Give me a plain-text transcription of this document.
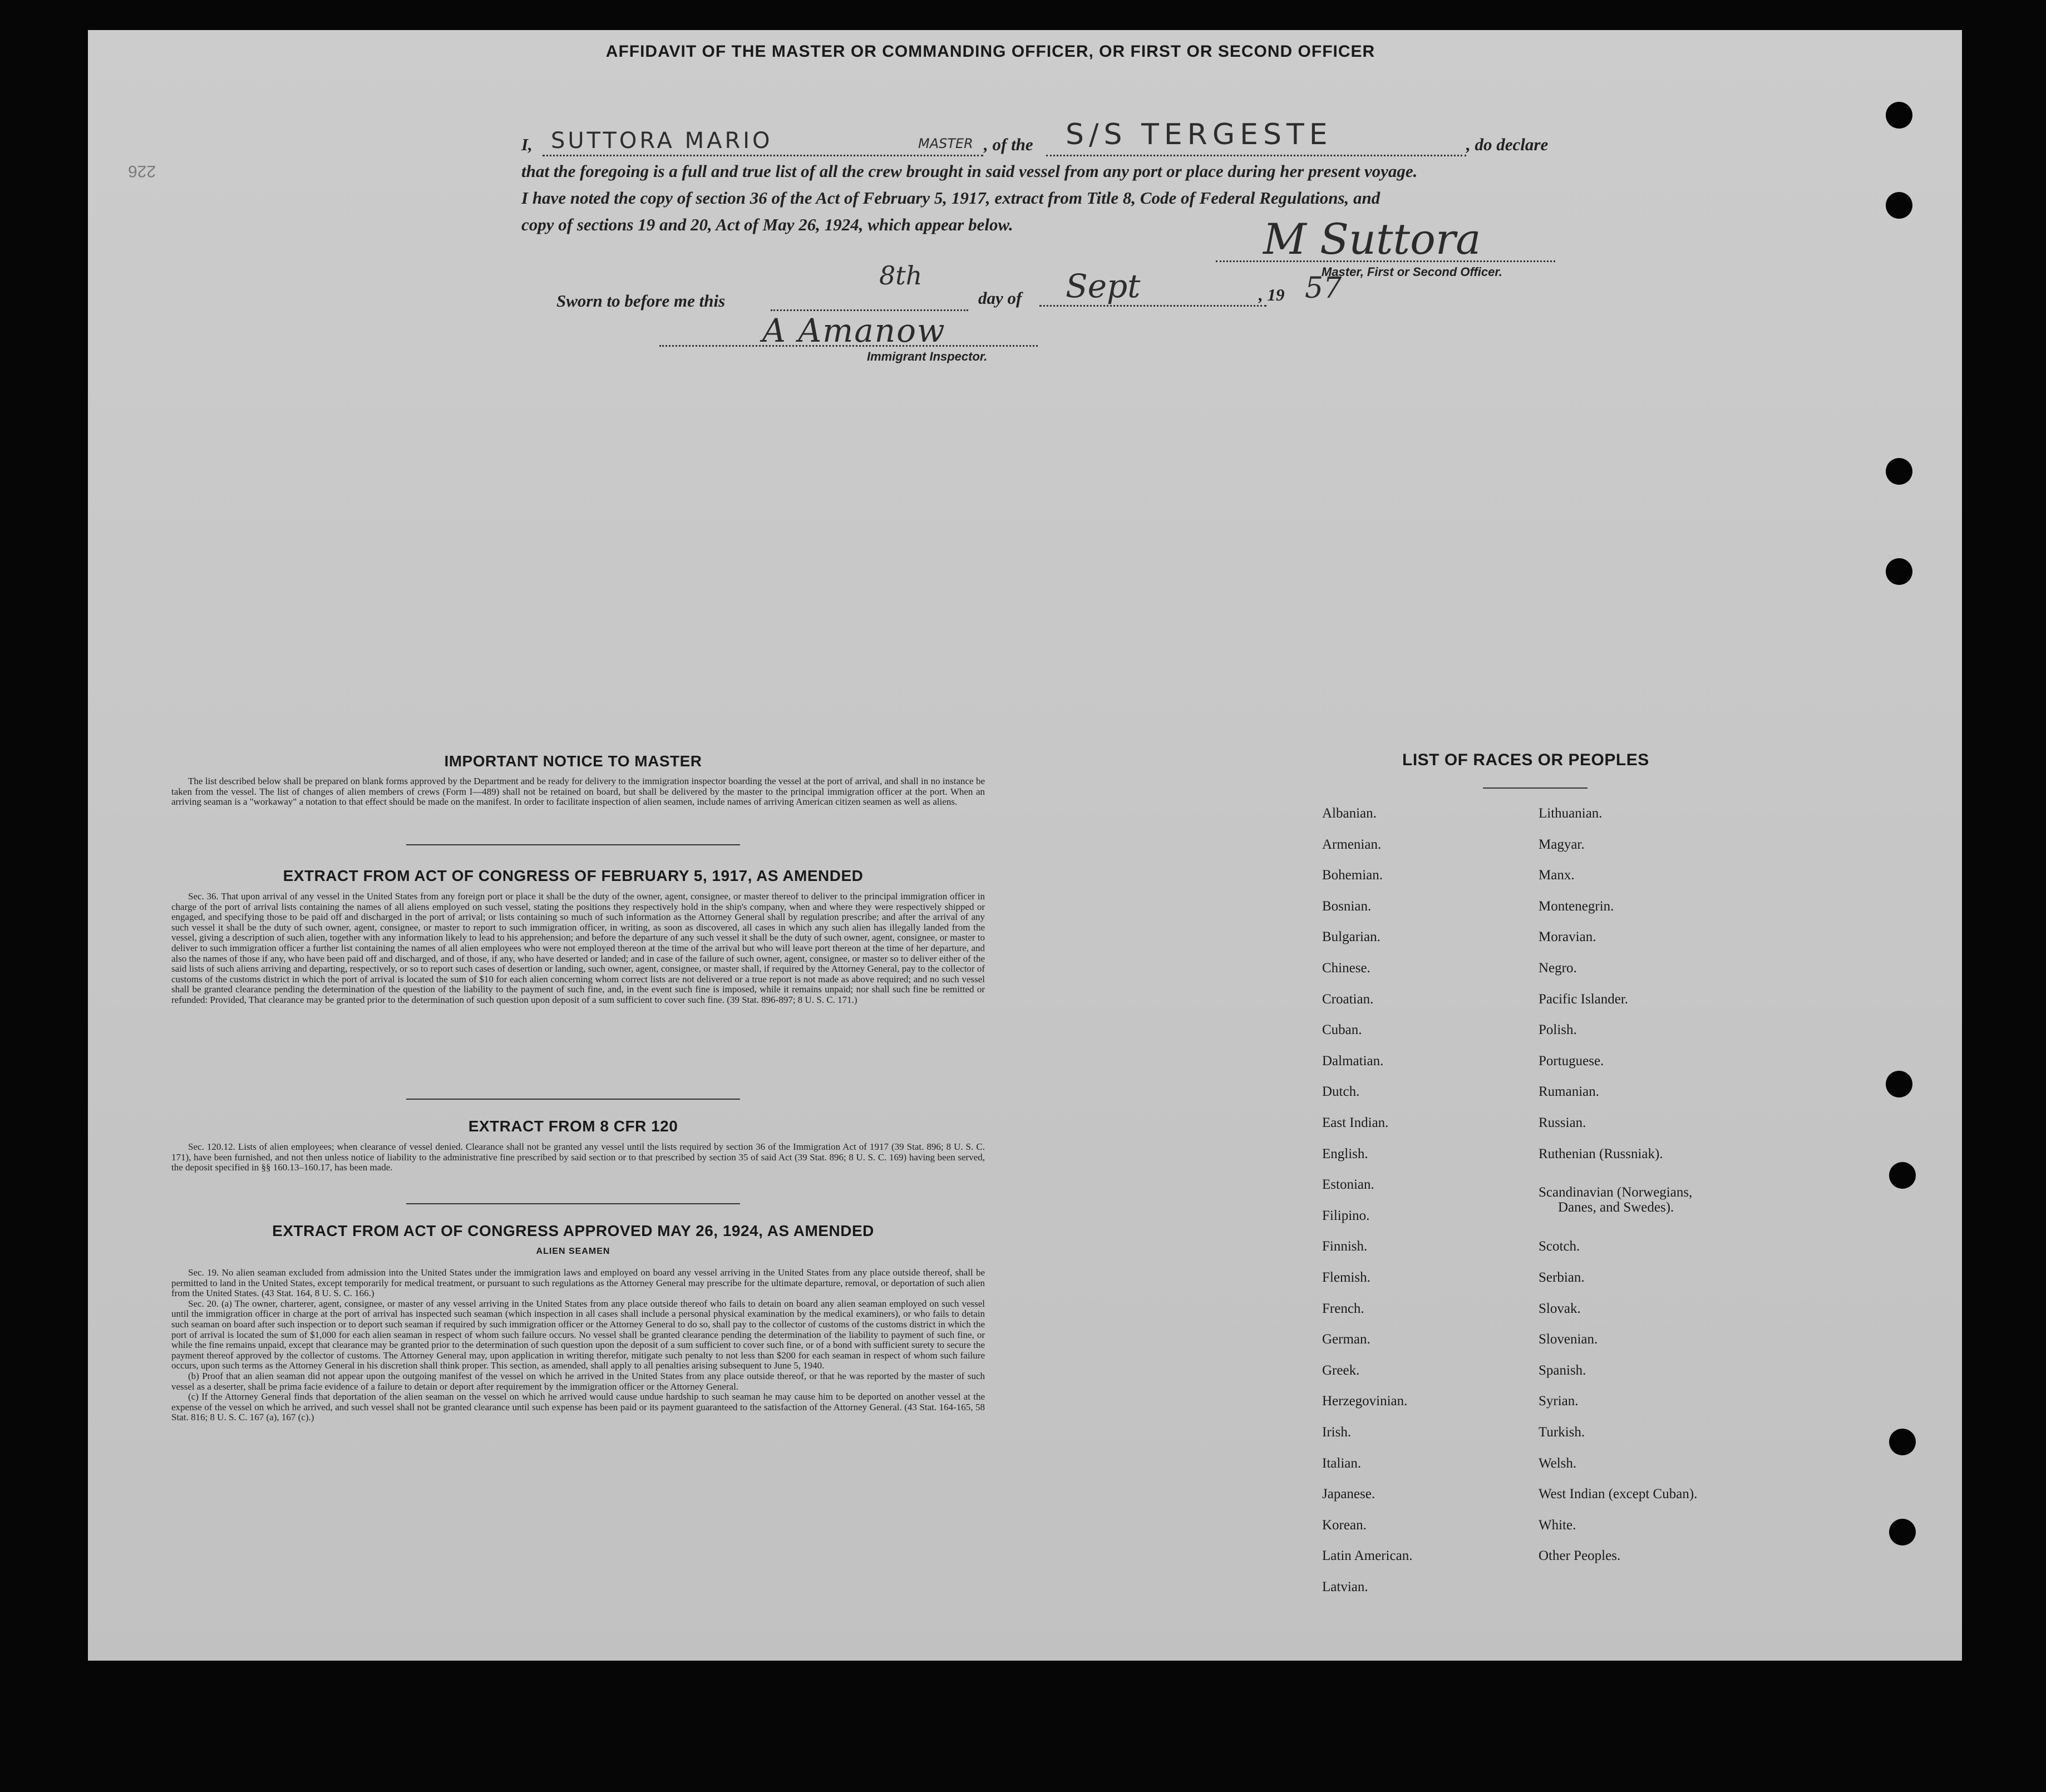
226
AFFIDAVIT OF THE MASTER OR COMMANDING OFFICER, OR FIRST OR SECOND OFFICER
I, SUTTORA MARIO	MASTER , of the S/S TERGESTE	, do declare
that the foregoing is a full and true list of all the crew brought in said vessel from any port or place during her present voyage.
I have noted the copy of section 36 of the Act of February 5, 1917, extract from Title 8, Code of Federal Regulations, and
copy of sections 19 and 20, Act of May 26, 1924, which appear below.	M Suttora
Master, First or Second Officer.
Sworn to before me this
8th
day of Sept	, 19 57
A Amanow
Immigrant Inspector.
IMPORTANT NOTICE TO MASTER

The list described below shall be prepared on blank forms approved by the Department and be ready for delivery to the immigration inspector boarding the vessel at the port of arrival, and shall in no instance be taken from the vessel. The list of changes of alien members of crews (Form I—489) shall not be retained on board, but shall be delivered by the master to the principal immigration officer at the port. When an arriving seaman is a "workaway" a notation to that effect should be made on the manifest. In order to facilitate inspection of alien seamen, include names of arriving American citizen seamen as well as aliens.

EXTRACT FROM ACT OF CONGRESS OF FEBRUARY 5, 1917, AS AMENDED

Sec. 36. That upon arrival of any vessel in the United States from any foreign port or place it shall be the duty of the owner, agent, consignee, or master thereof to deliver to the principal immigration officer in charge of the port of arrival lists containing the names of all aliens employed on such vessel, stating the positions they respectively hold in the ship's company, when and where they were respectively shipped or engaged, and specifying those to be paid off and discharged in the port of arrival; or lists containing so much of such information as the Attorney General shall by regulation prescribe; and after the arrival of any such vessel it shall be the duty of such owner, agent, consignee, or master to report to such immigration officer, in writing, as soon as discovered, all cases in which any such alien has illegally landed from the vessel, giving a description of such alien, together with any information likely to lead to his apprehension; and before the departure of any such vessel it shall be the duty of such owner, agent, consignee, or master to deliver to such immigration officer a further list containing the names of all alien employees who were not employed thereon at the time of the arrival but who will leave port thereon at the time of her departure, and also the names of those if any, who have been paid off and discharged, and of those, if any, who have deserted or landed; and in case of the failure of such owner, agent, consignee, or master so to deliver either of the said lists of such aliens arriving and departing, respectively, or so to report such cases of desertion or landing, such owner, agent, consignee, or master shall, if required by the Attorney General, pay to the collector of customs of the customs district in which the port of arrival is located the sum of $10 for each alien concerning whom correct lists are not delivered or a true report is not made as above required; and no such vessel shall be granted clearance pending the determination of the question of the liability to the payment of such fine, and, in the event such fine is imposed, while it remains unpaid; nor shall such fine be remitted or refunded: Provided, That clearance may be granted prior to the determination of such question upon deposit of a sum sufficient to cover such fine. (39 Stat. 896-897; 8 U. S. C. 171.)

EXTRACT FROM 8 CFR 120

Sec. 120.12. Lists of alien employees; when clearance of vessel denied. Clearance shall not be granted any vessel until the lists required by section 36 of the Immigration Act of 1917 (39 Stat. 896; 8 U. S. C. 171), have been furnished, and not then unless notice of liability to the administrative fine prescribed by said section or to that prescribed by section 35 of said Act (39 Stat. 896; 8 U. S. C. 169) having been served, the deposit specified in §§ 160.13–160.17, has been made.

EXTRACT FROM ACT OF CONGRESS APPROVED MAY 26, 1924, AS AMENDED
ALIEN SEAMEN

Sec. 19. No alien seaman excluded from admission into the United States under the immigration laws and employed on board any vessel arriving in the United States from any place outside thereof, shall be permitted to land in the United States, except temporarily for medical treatment, or pursuant to such regulations as the Attorney General may prescribe for the ultimate departure, removal, or deportation of such alien from the United States. (43 Stat. 164, 8 U. S. C. 166.)

Sec. 20. (a) The owner, charterer, agent, consignee, or master of any vessel arriving in the United States from any place outside thereof who fails to detain on board any alien seaman employed on such vessel until the immigration officer in charge at the port of arrival has inspected such seaman (which inspection in all cases shall include a personal physical examination by the medical examiners), or who fails to detain such seaman on board after such inspection or to deport such seaman if required by such immigration officer or the Attorney General to do so, shall pay to the collector of customs of the customs district in which the port of arrival is located the sum of $1,000 for each alien seaman in respect of whom such failure occurs. No vessel shall be granted clearance pending the determination of the liability to payment of such fine, or while the fine remains unpaid, except that clearance may be granted prior to the determination of such question upon the deposit of a sum sufficient to cover such fine, or of a bond with sufficient surety to secure the payment thereof approved by the collector of customs. The Attorney General may, upon application in writing therefor, mitigate such penalty to not less than $200 for each seaman in respect of whom such failure occurs, upon such terms as the Attorney General in his discretion shall think proper. This section, as amended, shall apply to all penalties arising subsequent to June 5, 1940.

(b) Proof that an alien seaman did not appear upon the outgoing manifest of the vessel on which he arrived in the United States from any place outside thereof, or that he was reported by the master of such vessel as a deserter, shall be prima facie evidence of a failure to detain or deport after requirement by the immigration officer or the Attorney General.

(c) If the Attorney General finds that deportation of the alien seaman on the vessel on which he arrived would cause undue hardship to such seaman he may cause him to be deported on another vessel at the expense of the vessel on which he arrived, and such vessel shall not be granted clearance until such expense has been paid or its payment guaranteed to the satisfaction of the Attorney General. (43 Stat. 164-165, 58 Stat. 816; 8 U. S. C. 167 (a), 167 (c).)

LIST OF RACES OR PEOPLES
Albanian.
Armenian.
Bohemian.
Bosnian.
Bulgarian.
Chinese.
Croatian.
Cuban.
Dalmatian.
Dutch.
East Indian.
English.
Estonian.
Filipino.
Finnish.
Flemish.
French.
German.
Greek.
Herzegovinian.
Irish.
Italian.
Japanese.
Korean.
Latin American.
Latvian.
Lithuanian.
Magyar.
Manx.
Montenegrin.
Moravian.
Negro.
Pacific Islander.
Polish.
Portuguese.
Rumanian.
Russian.
Ruthenian (Russniak).
Scandinavian (Norwegians,
Danes, and Swedes).
Scotch.
Serbian.
Slovak.
Slovenian.
Spanish.
Syrian.
Turkish.
Welsh.
West Indian (except Cuban).
White.
Other Peoples.
